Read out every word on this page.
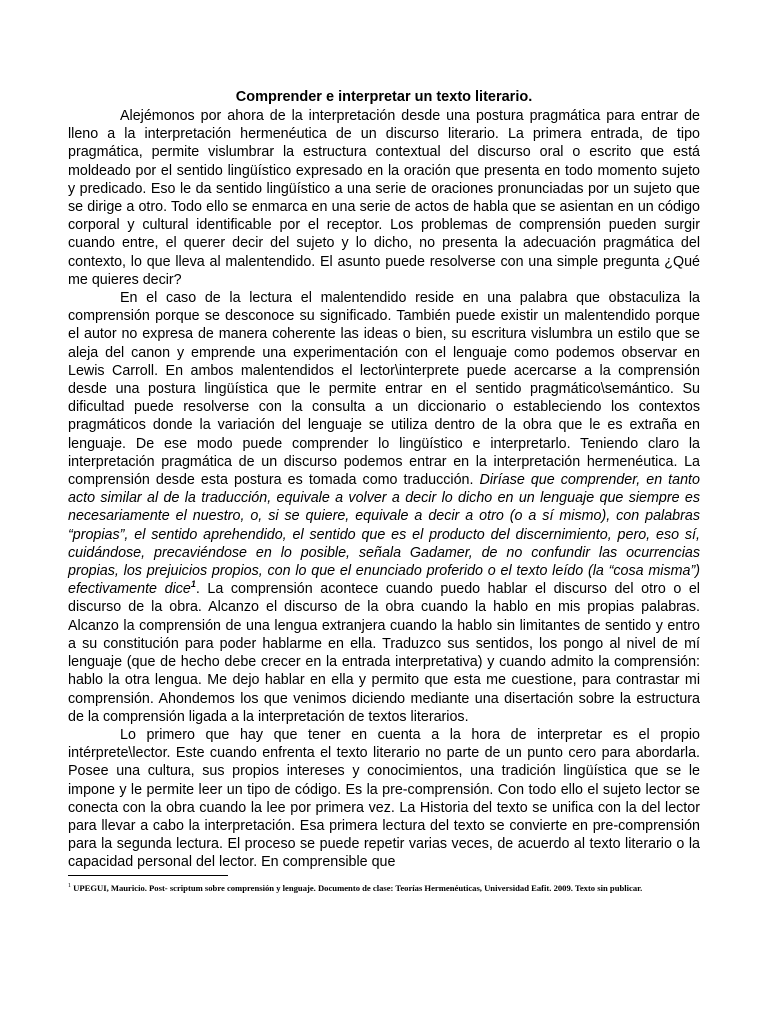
Comprender e interpretar un texto literario.

Alejémonos por ahora de la interpretación desde una postura pragmática para entrar de lleno a la interpretación hermenéutica de un discurso literario. La primera entrada, de tipo pragmática, permite vislumbrar la estructura contextual del discurso oral o escrito que está moldeado por el sentido lingüístico expresado en la oración que presenta en todo momento sujeto y predicado. Eso le da sentido lingüístico a una serie de oraciones pronunciadas por un sujeto que se dirige a otro. Todo ello se enmarca en una serie de actos de habla que se asientan en un código corporal y cultural identificable por el receptor. Los problemas de comprensión pueden surgir cuando entre, el querer decir del sujeto y lo dicho, no presenta la adecuación pragmática del contexto, lo que lleva al malentendido. El asunto puede resolverse con una simple pregunta ¿Qué me quieres decir?

En el caso de la lectura el malentendido reside en una palabra que obstaculiza la comprensión porque se desconoce su significado. También puede existir un malentendido porque el autor no expresa de manera coherente las ideas o bien, su escritura vislumbra un estilo que se aleja del canon y emprende una experimentación con el lenguaje como podemos observar en Lewis Carroll. En ambos malentendidos el lector\interprete puede acercarse a la comprensión desde una postura lingüística que le permite entrar en el sentido pragmático\semántico. Su dificultad puede resolverse con la consulta a un diccionario o estableciendo los contextos pragmáticos donde la variación del lenguaje se utiliza dentro de la obra que le es extraña en lenguaje. De ese modo puede comprender lo lingüístico e interpretarlo. Teniendo claro la interpretación pragmática de un discurso podemos entrar en la interpretación hermenéutica. La comprensión desde esta postura es tomada como traducción. Diríase que comprender, en tanto acto similar al de la traducción, equivale a volver a decir lo dicho en un lenguaje que siempre es necesariamente el nuestro, o, si se quiere, equivale a decir a otro (o a sí mismo), con palabras “propias”, el sentido aprehendido, el sentido que es el producto del discernimiento, pero, eso sí, cuidándose, precaviéndose en lo posible, señala Gadamer, de no confundir las ocurrencias propias, los prejuicios propios, con lo que el enunciado proferido o el texto leído (la “cosa misma”) efectivamente dice$^1$. La comprensión acontece cuando puedo hablar el discurso del otro o el discurso de la obra. Alcanzo el discurso de la obra cuando la hablo en mis propias palabras. Alcanzo la comprensión de una lengua extranjera cuando la hablo sin limitantes de sentido y entro a su constitución para poder hablarme en ella. Traduzco sus sentidos, los pongo al nivel de mí lenguaje (que de hecho debe crecer en la entrada interpretativa) y cuando admito la comprensión: hablo la otra lengua. Me dejo hablar en ella y permito que esta me cuestione, para contrastar mi comprensión. Ahondemos los que venimos diciendo mediante una disertación sobre la estructura de la comprensión ligada a la interpretación de textos literarios.

Lo primero que hay que tener en cuenta a la hora de interpretar es el propio intérprete\lector. Este cuando enfrenta el texto literario no parte de un punto cero para abordarla. Posee una cultura, sus propios intereses y conocimientos, una tradición lingüística que se le impone y le permite leer un tipo de código. Es la pre-comprensión. Con todo ello el sujeto lector se conecta con la obra cuando la lee por primera vez. La Historia del texto se unifica con la del lector para llevar a cabo la interpretación. Esa primera lectura del texto se convierte en pre-comprensión para la segunda lectura. El proceso se puede repetir varias veces, de acuerdo al texto literario o la capacidad personal del lector. En comprensible que

$^1$ UPEGUI, Mauricio. Post- scriptum sobre comprensión y lenguaje. Documento de clase: Teorías Hermenéuticas, Universidad Eafit. 2009. Texto sin publicar.
